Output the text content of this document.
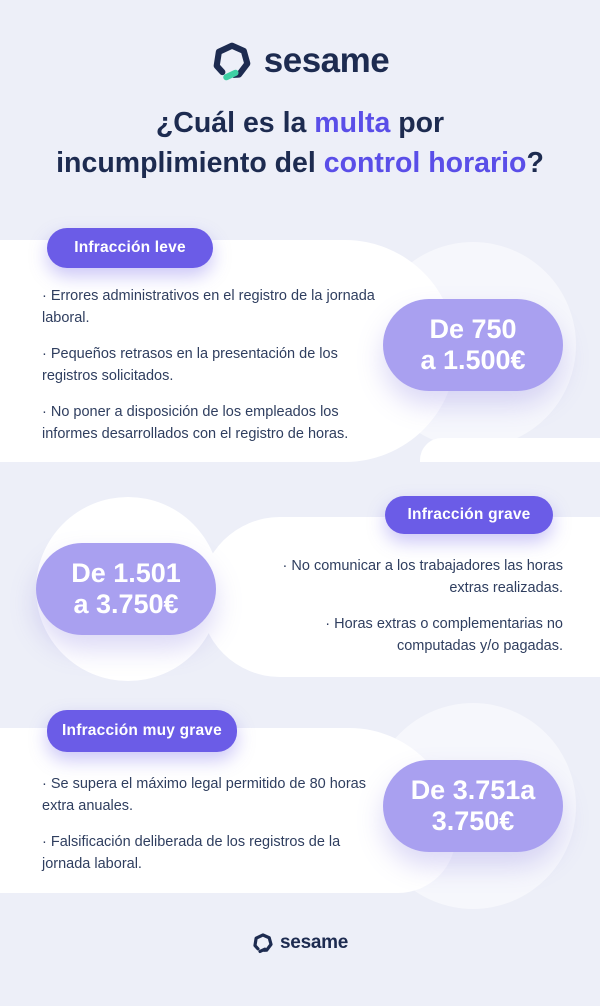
sesame
¿Cuál es la multa por
incumplimiento del control horario?
Infracción leve

· Errores administrativos en el registro de la jornada laboral.

· Pequeños retrasos en la presentación de los registros solicitados.

· No poner a disposición de los empleados los informes desarrollados con el registro de horas.

De 750
a 1.500€
Infracción grave

· No comunicar a los trabajadores las horas extras realizadas.

· Horas extras o complementarias no computadas y/o pagadas.

De 1.501
a 3.750€
Infracción muy grave

· Se supera el máximo legal permitido de 80 horas extra anuales.

· Falsificación deliberada de los registros de la jornada laboral.

De 3.751a
3.750€
sesame
